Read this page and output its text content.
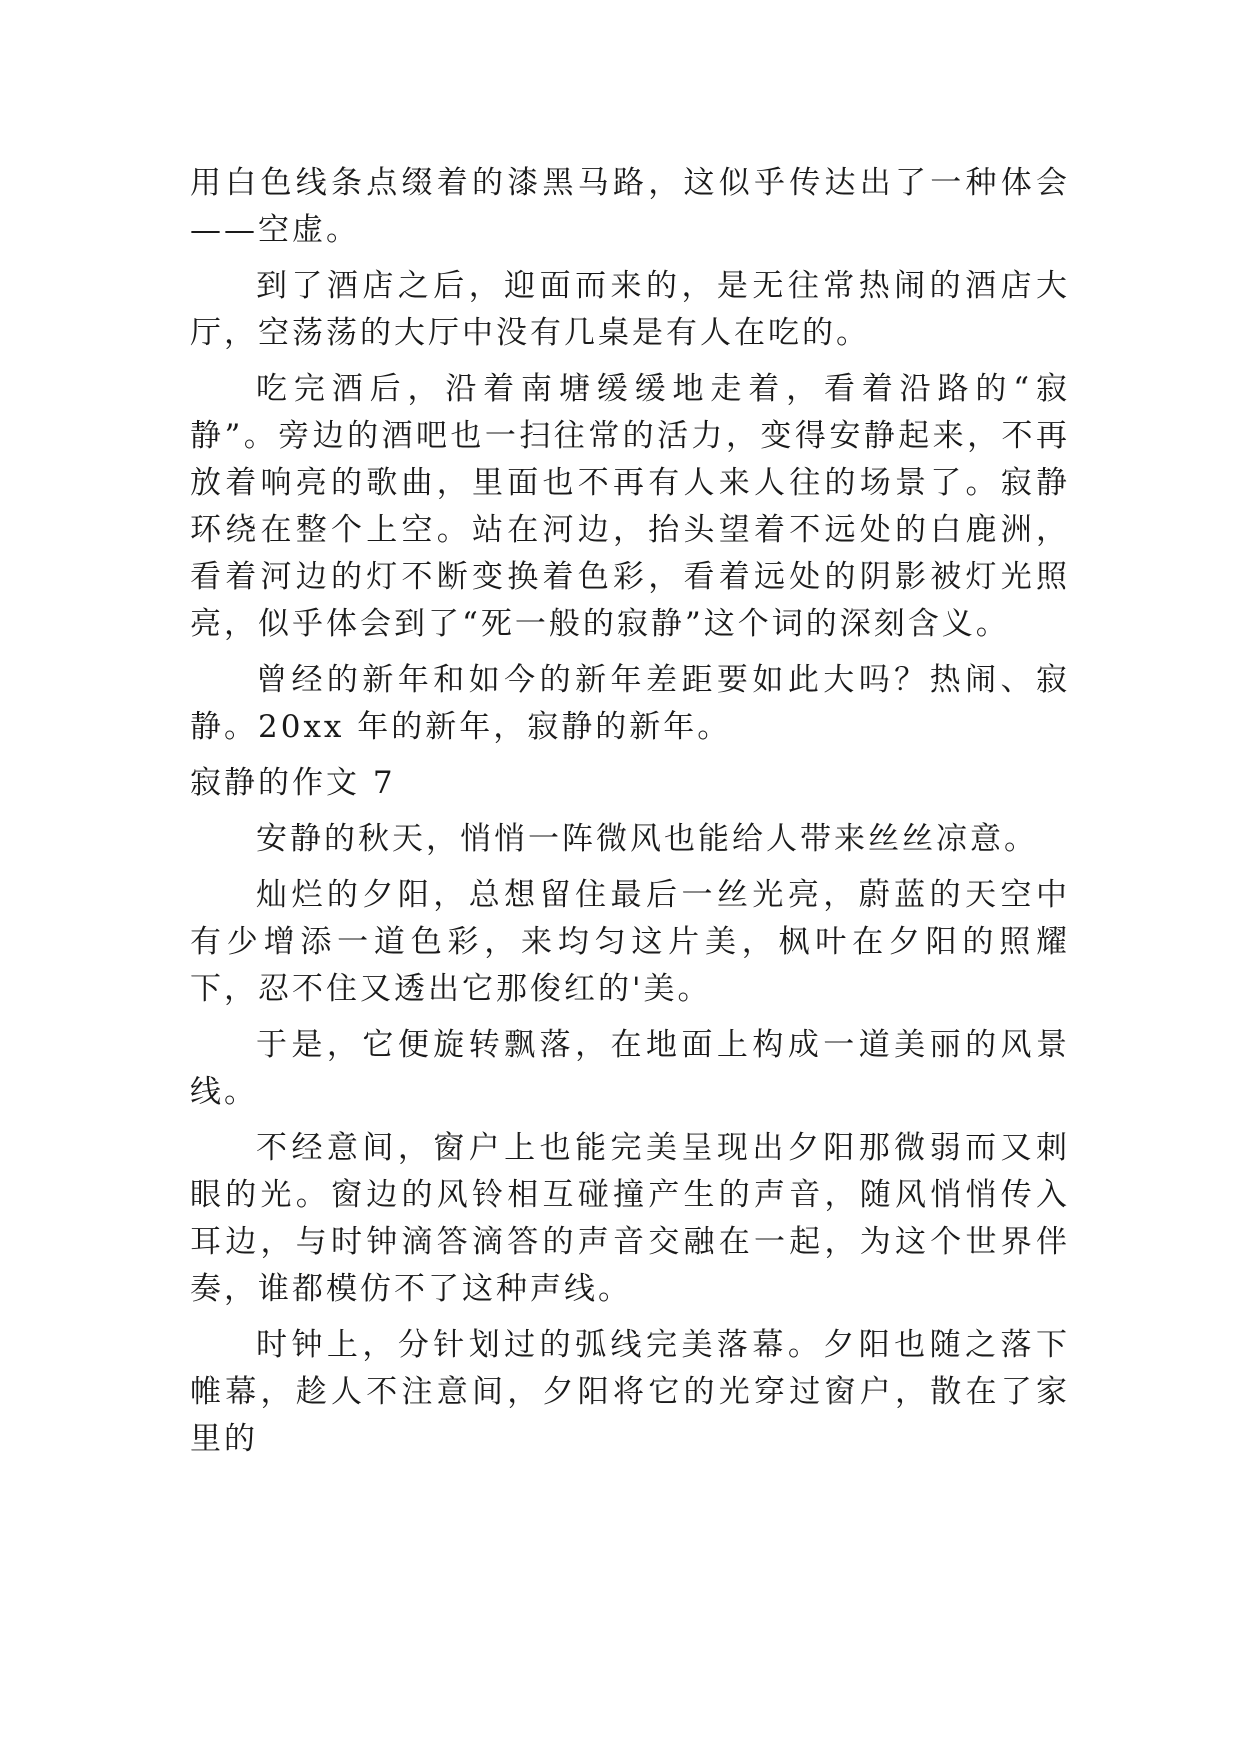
用白色线条点缀着的漆黑马路，这似乎传达出了一种体会——空虚。

到了酒店之后，迎面而来的，是无往常热闹的酒店大厅，空荡荡的大厅中没有几桌是有人在吃的。

吃完酒后，沿着南塘缓缓地走着，看着沿路的“寂静”。旁边的酒吧也一扫往常的活力，变得安静起来，不再放着响亮的歌曲，里面也不再有人来人往的场景了。寂静环绕在整个上空。站在河边，抬头望着不远处的白鹿洲，看着河边的灯不断变换着色彩，看着远处的阴影被灯光照亮，似乎体会到了“死一般的寂静”这个词的深刻含义。

曾经的新年和如今的新年差距要如此大吗？热闹、寂静。20xx 年的新年，寂静的新年。

寂静的作文 7

安静的秋天，悄悄一阵微风也能给人带来丝丝凉意。

灿烂的夕阳，总想留住最后一丝光亮，蔚蓝的天空中有少增添一道色彩，来均匀这片美，枫叶在夕阳的照耀下，忍不住又透出它那俊红的'美。

于是，它便旋转飘落，在地面上构成一道美丽的风景线。

不经意间，窗户上也能完美呈现出夕阳那微弱而又刺眼的光。窗边的风铃相互碰撞产生的声音，随风悄悄传入耳边，与时钟滴答滴答的声音交融在一起，为这个世界伴奏，谁都模仿不了这种声线。

时钟上，分针划过的弧线完美落幕。夕阳也随之落下帷幕，趁人不注意间，夕阳将它的光穿过窗户，散在了家里的
